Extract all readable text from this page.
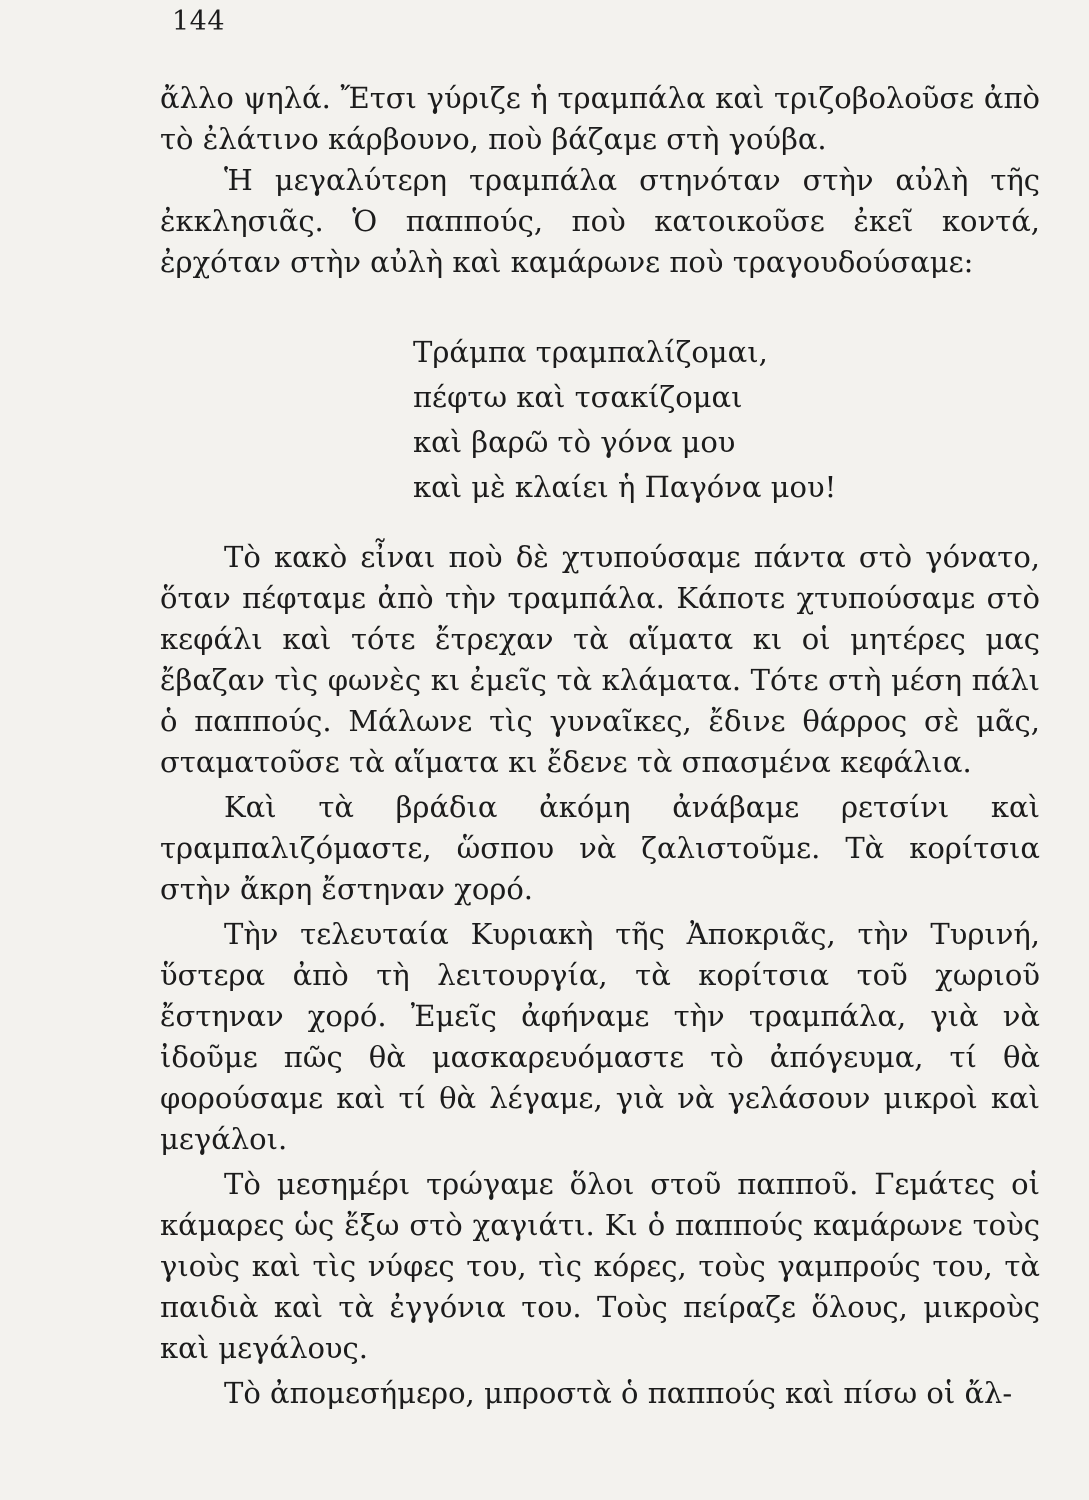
144

ἄλλο ψηλά. Ἔτσι γύριζε ἡ τραμπάλα καὶ τριζοβολοῦσε ἀπὸ τὸ ἐλάτινο κάρβουνο, ποὺ βάζαμε στὴ γούβα.

Ἡ μεγαλύτερη τραμπάλα στηνόταν στὴν αὐλὴ τῆς ἐκκλησιᾶς. Ὁ παππούς, ποὺ κατοικοῦσε ἐκεῖ κοντά, ἐρχόταν στὴν αὐλὴ καὶ καμάρωνε ποὺ τραγουδούσαμε:

Τράμπα τραμπαλίζομαι,
πέφτω καὶ τσακίζομαι
καὶ βαρῶ τὸ γόνα μου
καὶ μὲ κλαίει ἡ Παγόνα μου!

Τὸ κακὸ εἶναι ποὺ δὲ χτυπούσαμε πάντα στὸ γόνατο, ὅταν πέφταμε ἀπὸ τὴν τραμπάλα. Κάποτε χτυπούσαμε στὸ κεφάλι καὶ τότε ἔτρεχαν τὰ αἵματα κι οἱ μητέρες μας ἔβαζαν τὶς φωνὲς κι ἐμεῖς τὰ κλάματα. Τότε στὴ μέση πάλι ὁ παππούς. Μάλωνε τὶς γυναῖκες, ἔδινε θάρρος σὲ μᾶς, σταματοῦσε τὰ αἵματα κι ἔδενε τὰ σπασμένα κεφάλια.

Καὶ τὰ βράδια ἀκόμη ἀνάβαμε ρετσίνι καὶ τραμπαλιζόμαστε, ὥσπου νὰ ζαλιστοῦμε. Τὰ κορίτσια στὴν ἄκρη ἔστηναν χορό.

Τὴν τελευταία Κυριακὴ τῆς Ἀποκριᾶς, τὴν Τυρινή, ὕστερα ἀπὸ τὴ λειτουργία, τὰ κορίτσια τοῦ χωριοῦ ἔστηναν χορό. Ἐμεῖς ἀφήναμε τὴν τραμπάλα, γιὰ νὰ ἰδοῦμε πῶς θὰ μασκαρευόμαστε τὸ ἀπόγευμα, τί θὰ φορούσαμε καὶ τί θὰ λέγαμε, γιὰ νὰ γελάσουν μικροὶ καὶ μεγάλοι.

Τὸ μεσημέρι τρώγαμε ὅλοι στοῦ παπποῦ. Γεμάτες οἱ κάμαρες ὡς ἔξω στὸ χαγιάτι. Κι ὁ παππούς καμάρωνε τοὺς γιοὺς καὶ τὶς νύφες του, τὶς κόρες, τοὺς γαμπρούς του, τὰ παιδιὰ καὶ τὰ ἐγγόνια του. Τοὺς πείραζε ὅλους, μικροὺς καὶ μεγάλους.

Τὸ ἀπομεσήμερο, μπροστὰ ὁ παππούς καὶ πίσω οἱ ἄλ-
